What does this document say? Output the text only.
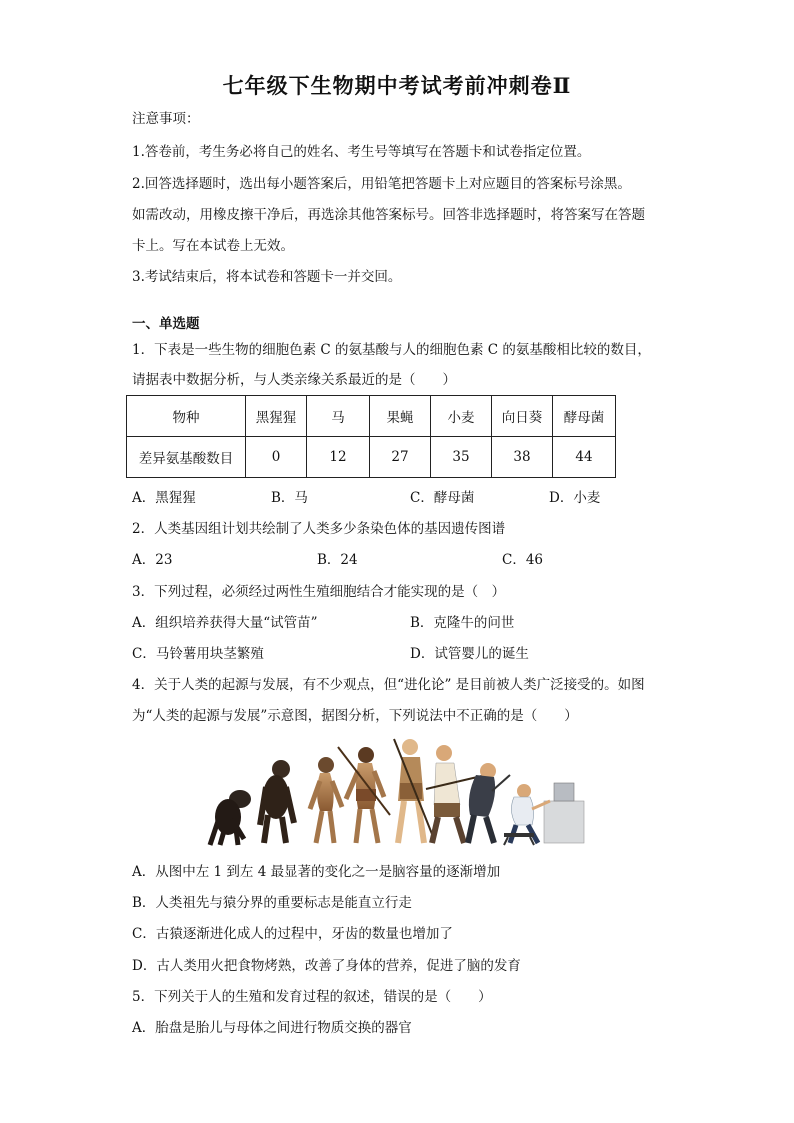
七年级下生物期中考试考前冲刺卷Ⅱ
注意事项：
1.答卷前，考生务必将自己的姓名、考生号等填写在答题卡和试卷指定位置。
2.回答选择题时，选出每小题答案后，用铅笔把答题卡上对应题目的答案标号涂黑。
如需改动，用橡皮擦干净后，再选涂其他答案标号。回答非选择题时，将答案写在答题
卡上。写在本试卷上无效。
3.考试结束后，将本试卷和答题卡一并交回。
一、单选题
1．下表是一些生物的细胞色素 C 的氨基酸与人的细胞色素 C 的氨基酸相比较的数目，
请据表中数据分析，与人类亲缘关系最近的是（　　）
物种	黑猩猩	马	果蝇	小麦	向日葵	酵母菌
差异氨基酸数目	0	12	27	35	38	44
A．黑猩猩	B．马	C．酵母菌	D．小麦
2．人类基因组计划共绘制了人类多少条染色体的基因遗传图谱
A．23	B．24	C．46
3．下列过程，必须经过两性生殖细胞结合才能实现的是（　）
A．组织培养获得大量“试管苗”	B．克隆牛的问世
C．马铃薯用块茎繁殖	D．试管婴儿的诞生
4．关于人类的起源与发展，有不少观点，但“进化论” 是目前被人类广泛接受的。如图
为“人类的起源与发展”示意图，据图分析，下列说法中不正确的是（　　）
A．从图中左 1 到左 4 最显著的变化之一是脑容量的逐渐增加
B．人类祖先与猿分界的重要标志是能直立行走
C．古猿逐渐进化成人的过程中，牙齿的数量也增加了
D．古人类用火把食物烤熟，改善了身体的营养，促进了脑的发育
5．下列关于人的生殖和发育过程的叙述，错误的是（　　）
A．胎盘是胎儿与母体之间进行物质交换的器官
